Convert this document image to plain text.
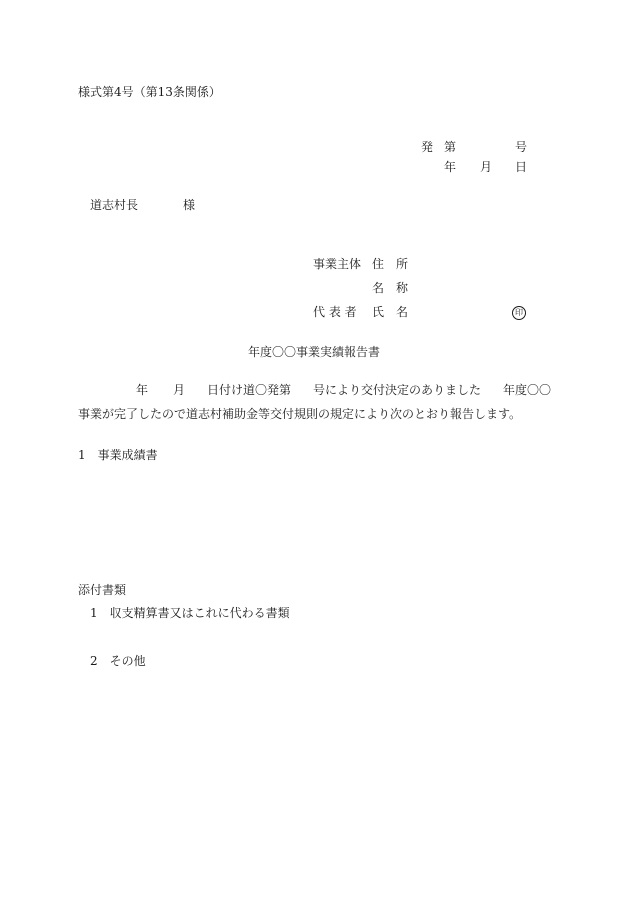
様式第4号（第13条関係）
発 第	号
年 月 日
道志村長	様
事業主体 住　所
名　称
代 表 者 氏　名	印
年度〇〇事業実績報告書
年 月 日付け道〇発第 号により交付決定のありました 年度〇〇
事業が完了したので道志村補助金等交付規則の規定により次のとおり報告します。
1　事業成績書
添付書類
1　収支精算書又はこれに代わる書類
2　その他
